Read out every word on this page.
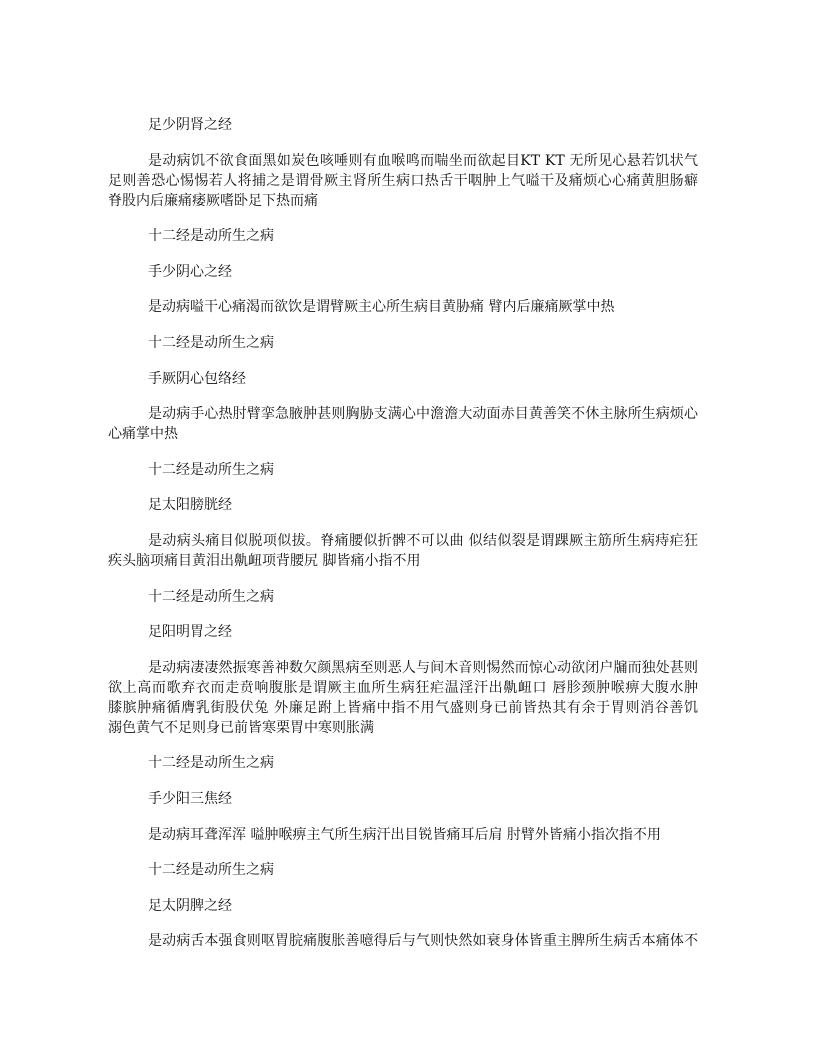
足少阴肾之经
是动病饥不欲食面黑如炭色咳唾则有血喉鸣而喘坐而欲起目KT KT 无所见心悬若饥状气
足则善恐心惕惕若人将捕之是谓骨厥主肾所生病口热舌干咽肿上气嗌干及痛烦心心痛黄胆肠癖
脊股内后廉痛痿厥嗜卧足下热而痛
十二经是动所生之病
手少阴心之经
是动病嗌干心痛渴而欲饮是谓臂厥主心所生病目黄胁痛 臂内后廉痛厥掌中热
十二经是动所生之病
手厥阴心包络经
是动病手心热肘臂挛急腋肿甚则胸胁支满心中澹澹大动面赤目黄善笑不休主脉所生病烦心
心痛掌中热
十二经是动所生之病
足太阳膀胱经
是动病头痛目似脱项似拔。脊痛腰似折髀不可以曲 似结似裂是谓踝厥主筋所生病痔疟狂
疾头脑项痛目黄泪出鼽衄项背腰尻 脚皆痛小指不用
十二经是动所生之病
足阳明胃之经
是动病凄凄然振寒善神数欠颜黑病至则恶人与间木音则惕然而惊心动欲闭户牖而独处甚则
欲上高而歌弃衣而走贲响腹胀是谓厥主血所生病狂疟温淫汗出鼽衄口 唇胗颈肿喉痹大腹水肿
膝膑肿痛循膺乳街股伏兔 外廉足跗上皆痛中指不用气盛则身已前皆热其有余于胃则消谷善饥
溺色黄气不足则身已前皆寒栗胃中寒则胀满
十二经是动所生之病
手少阳三焦经
是动病耳聋浑浑 嗌肿喉痹主气所生病汗出目锐皆痛耳后肩 肘臂外皆痛小指次指不用
十二经是动所生之病
足太阴脾之经
是动病舌本强食则呕胃脘痛腹胀善噫得后与气则快然如衰身体皆重主脾所生病舌本痛体不
